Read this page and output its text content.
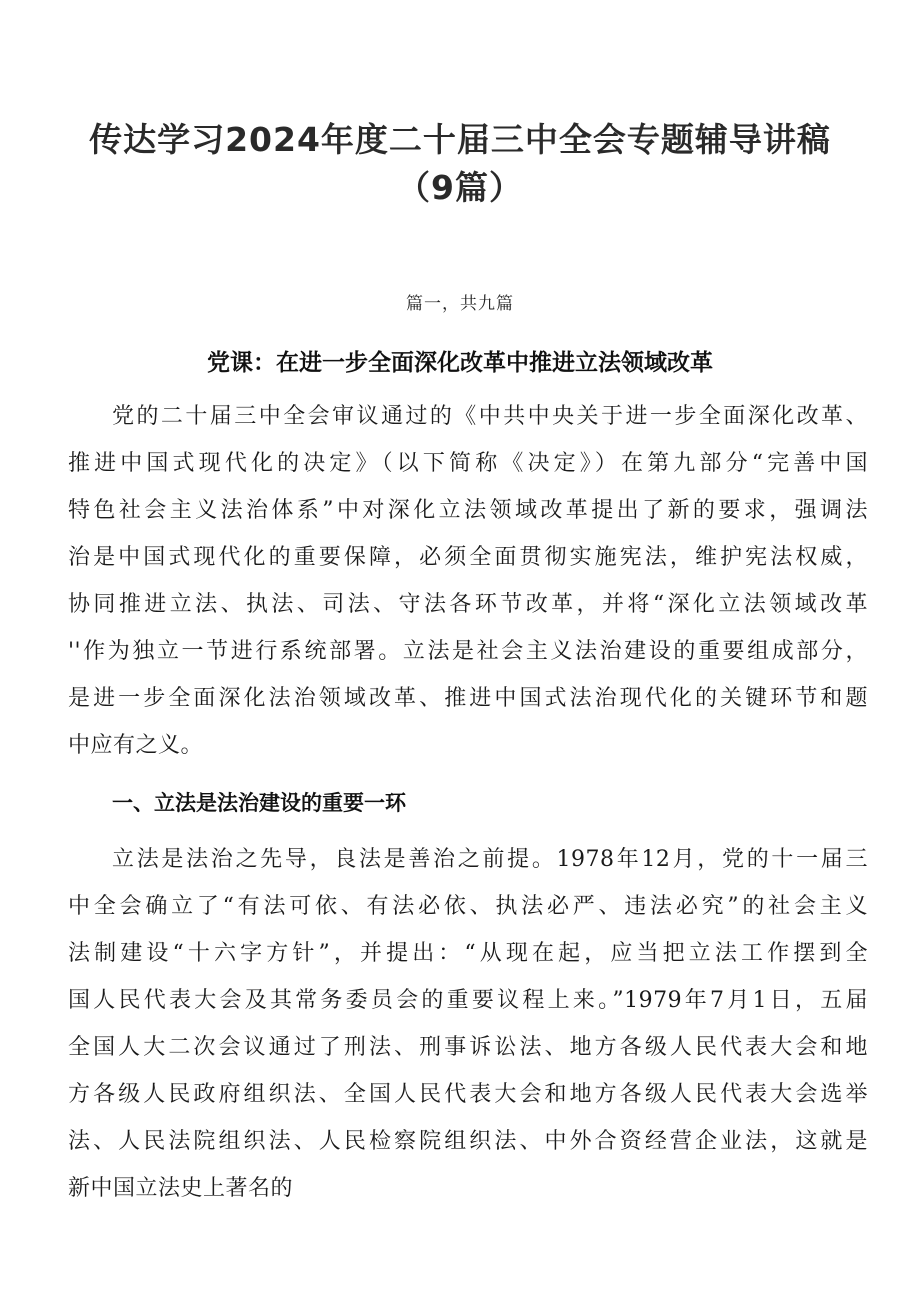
传达学习2024年度二十届三中全会专题辅导讲稿
（9篇）

篇一，共九篇

党课：在进一步全面深化改革中推进立法领域改革
党的二十届三中全会审议通过的《中共中央关于进一步全面深化改革、
推进中国式现代化的决定》（以下简称《决定》）在第九部分“完善中国
特色社会主义法治体系”中对深化立法领域改革提出了新的要求，强调法
治是中国式现代化的重要保障，必须全面贯彻实施宪法，维护宪法权威，
协同推进立法、执法、司法、守法各环节改革，并将“深化立法领域改革
''作为独立一节进行系统部署。立法是社会主义法治建设的重要组成部分，
是进一步全面深化法治领域改革、推进中国式法治现代化的关键环节和题
中应有之义。
一、立法是法治建设的重要一环
立法是法治之先导，良法是善治之前提。1978年12月，党的十一届三
中全会确立了“有法可依、有法必依、执法必严、违法必究”的社会主义
法制建设“十六字方针”，并提出：“从现在起，应当把立法工作摆到全
国人民代表大会及其常务委员会的重要议程上来。”1979年7月1日，五届
全国人大二次会议通过了刑法、刑事诉讼法、地方各级人民代表大会和地
方各级人民政府组织法、全国人民代表大会和地方各级人民代表大会选举
法、人民法院组织法、人民检察院组织法、中外合资经营企业法，这就是
新中国立法史上著名的
